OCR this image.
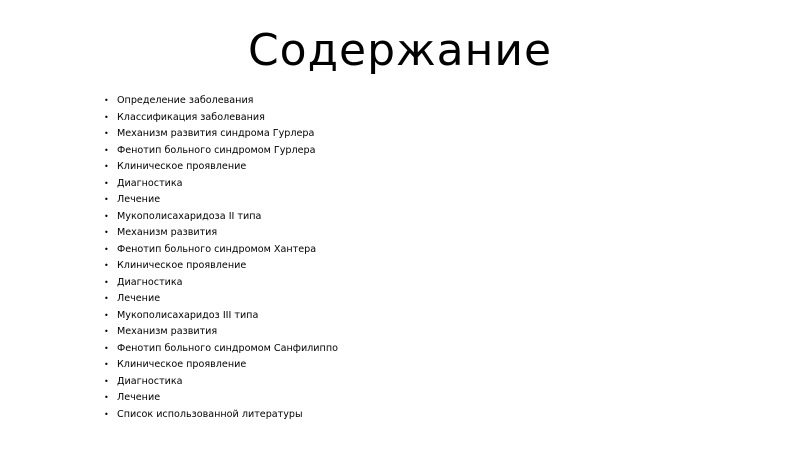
Содержание
• Определение заболевания
• Классификация заболевания
• Механизм развития синдрома Гурлера
• Фенотип больного синдромом Гурлера
• Клиническое проявление
• Диагностика
• Лечение
• Мукополисахаридоза II типа
• Механизм развития
• Фенотип больного синдромом Хантера
• Клиническое проявление
• Диагностика
• Лечение
• Мукополисахаридоз III типа
• Механизм развития
• Фенотип больного синдромом Санфилиппо
• Клиническое проявление
• Диагностика
• Лечение
• Список использованной литературы
